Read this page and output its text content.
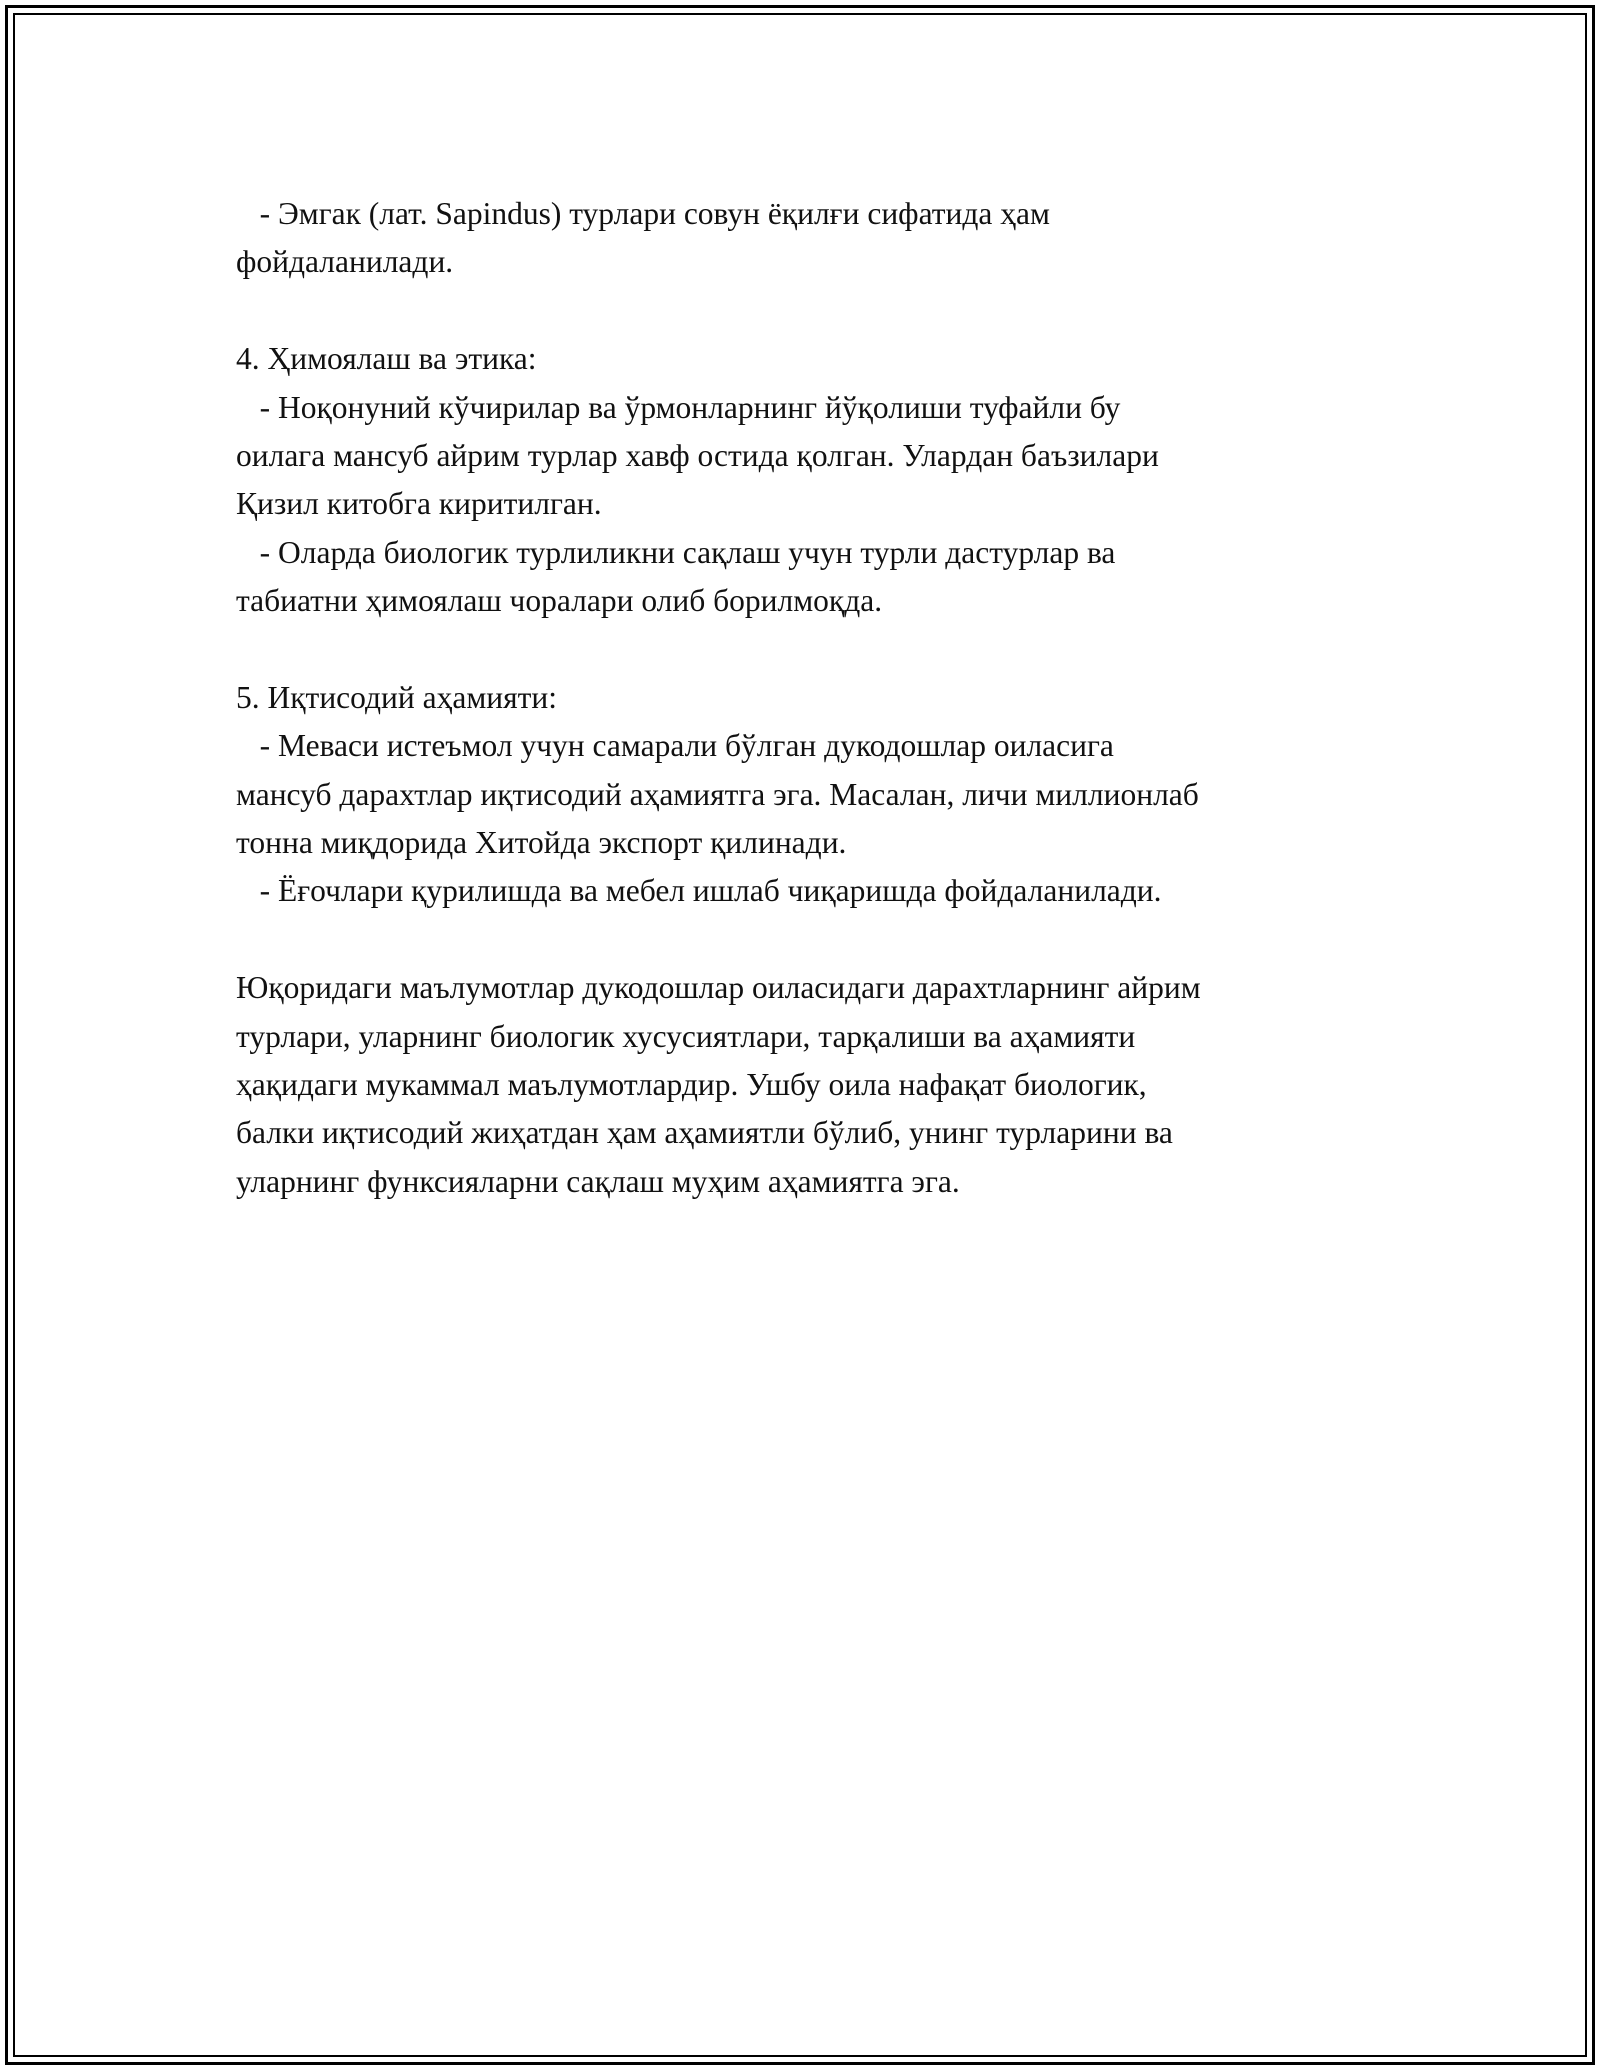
- Эмгак (лат. Sapindus) турлари совун ёқилғи сифатида ҳам
фойдаланилади.
4. Ҳимоялаш ва этика:
- Ноқонуний кўчирилар ва ўрмонларнинг йўқолиши туфайли бу
оилага мансуб айрим турлар хавф остида қолган. Улардан баъзилари
Қизил китобга киритилган.
- Оларда биологик турлиликни сақлаш учун турли дастурлар ва
табиатни ҳимоялаш чоралари олиб борилмоқда.
5. Иқтисодий аҳамияти:
- Меваси истеъмол учун самарали бўлган дукодошлар оиласига
мансуб дарахтлар иқтисодий аҳамиятга эга. Масалан, личи миллионлаб
тонна миқдорида Хитойда экспорт қилинади.
- Ёғочлари қурилишда ва мебел ишлаб чиқаришда фойдаланилади.
Юқоридаги маълумотлар дукодошлар оиласидаги дарахтларнинг айрим
турлари, уларнинг биологик хусусиятлари, тарқалиши ва аҳамияти
ҳақидаги мукаммал маълумотлардир. Ушбу оила нафақат биологик,
балки иқтисодий жиҳатдан ҳам аҳамиятли бўлиб, унинг турларини ва
уларнинг функсияларни сақлаш муҳим аҳамиятга эга.
